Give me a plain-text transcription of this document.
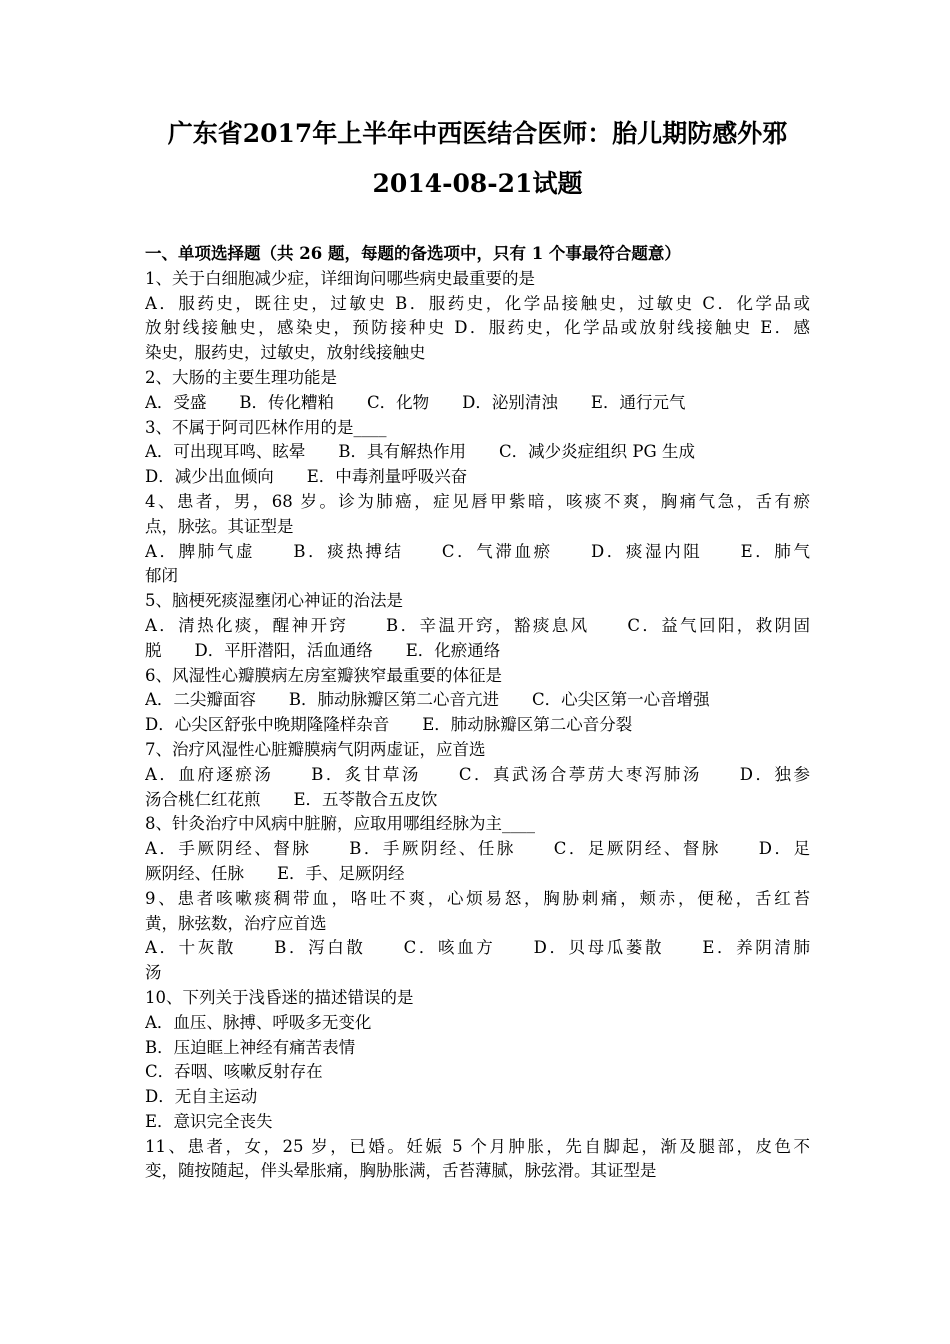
广东省2017年上半年中西医结合医师：胎儿期防感外邪
2014-08-21试题
一、单项选择题（共 26 题，每题的备选项中，只有 1 个事最符合题意）
1、关于白细胞减少症，详细询问哪些病史最重要的是
A．服药史，既往史，过敏史 B．服药史，化学品接触史，过敏史 C．化学品或
放射线接触史，感染史，预防接种史 D．服药史，化学品或放射线接触史 E．感
染史，服药史，过敏史，放射线接触史
2、大肠的主要生理功能是
A．受盛　　B．传化糟粕　　C．化物　　D．泌别清浊　　E．通行元气
3、不属于阿司匹林作用的是____
A．可出现耳鸣、眩晕　　B．具有解热作用　　C．减少炎症组织 PG 生成
D．减少出血倾向　　E．中毒剂量呼吸兴奋
4、患者，男，68 岁。诊为肺癌，症见唇甲紫暗，咳痰不爽，胸痛气急，舌有瘀
点，脉弦。其证型是
A．脾肺气虚　　B．痰热搏结　　C．气滞血瘀　　D．痰湿内阻　　E．肺气
郁闭
5、脑梗死痰湿壅闭心神证的治法是
A．清热化痰，醒神开窍　　B．辛温开窍，豁痰息风　　C．益气回阳，救阴固
脱　　D．平肝潜阳，活血通络　　E．化瘀通络
6、风湿性心瓣膜病左房室瓣狭窄最重要的体征是
A．二尖瓣面容　　B．肺动脉瓣区第二心音亢进　　C．心尖区第一心音增强
D．心尖区舒张中晚期隆隆样杂音　　E．肺动脉瓣区第二心音分裂
7、治疗风湿性心脏瓣膜病气阴两虚证，应首选
A．血府逐瘀汤　　B．炙甘草汤　　C．真武汤合葶苈大枣泻肺汤　　D．独参
汤合桃仁红花煎　　E．五苓散合五皮饮
8、针灸治疗中风病中脏腑，应取用哪组经脉为主____
A．手厥阴经、督脉　　B．手厥阴经、任脉　　C．足厥阴经、督脉　　D．足
厥阴经、任脉　　E．手、足厥阴经
9、患者咳嗽痰稠带血，咯吐不爽，心烦易怒，胸胁刺痛，颊赤，便秘，舌红苔
黄，脉弦数，治疗应首选
A．十灰散　　B．泻白散　　C．咳血方　　D．贝母瓜蒌散　　E．养阴清肺
汤
10、下列关于浅昏迷的描述错误的是
A．血压、脉搏、呼吸多无变化
B．压迫眶上神经有痛苦表情
C．吞咽、咳嗽反射存在
D．无自主运动
E．意识完全丧失
11、患者，女，25 岁，已婚。妊娠 5 个月肿胀，先自脚起，渐及腿部，皮色不
变，随按随起，伴头晕胀痛，胸胁胀满，舌苔薄腻，脉弦滑。其证型是
